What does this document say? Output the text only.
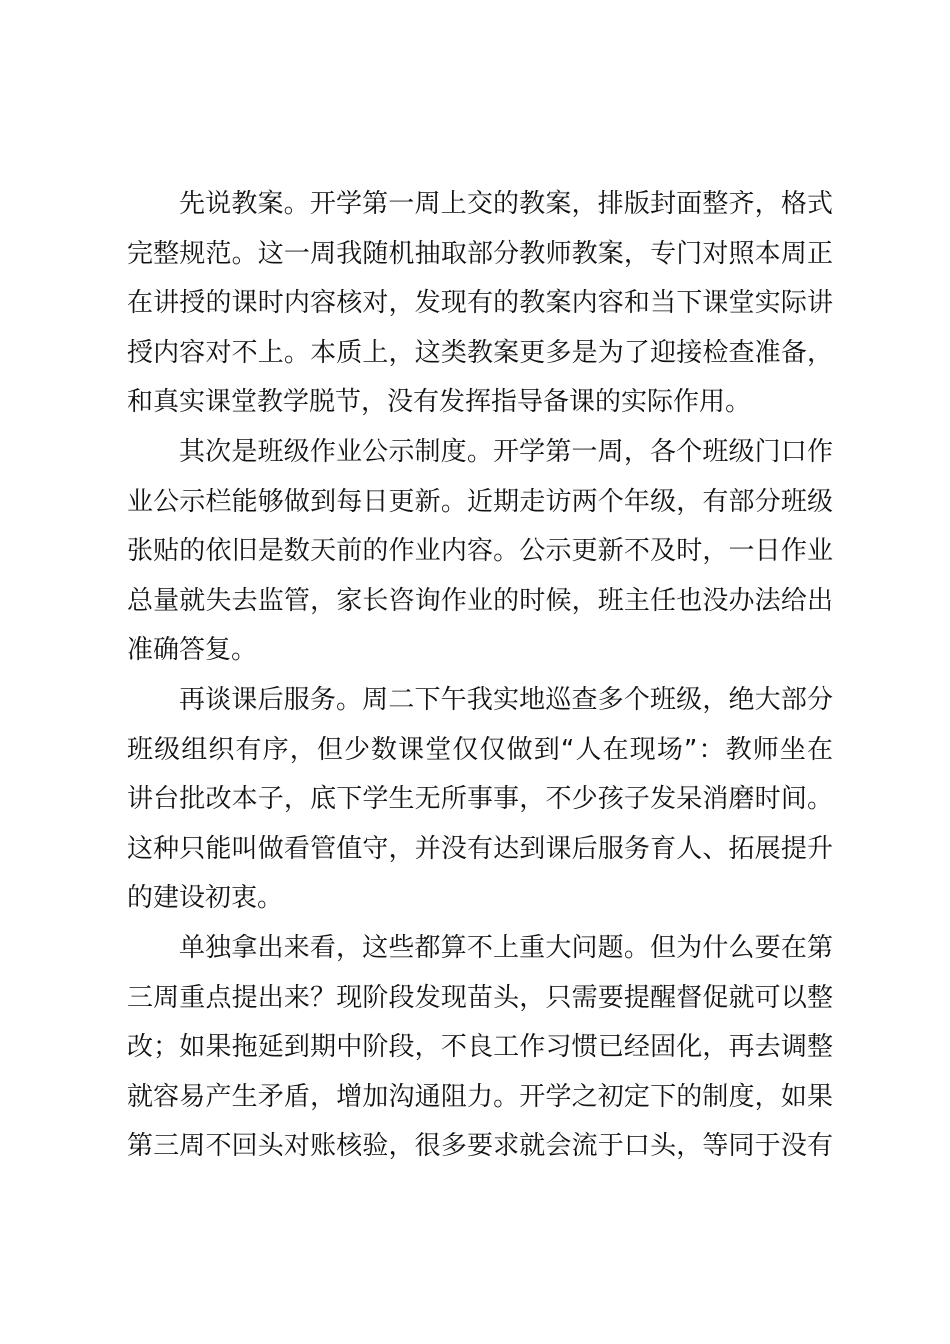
先说教案。开学第一周上交的教案，排版封面整齐，格式
完整规范。这一周我随机抽取部分教师教案，专门对照本周正
在讲授的课时内容核对，发现有的教案内容和当下课堂实际讲
授内容对不上。本质上，这类教案更多是为了迎接检查准备，
和真实课堂教学脱节，没有发挥指导备课的实际作用。
其次是班级作业公示制度。开学第一周，各个班级门口作
业公示栏能够做到每日更新。近期走访两个年级，有部分班级
张贴的依旧是数天前的作业内容。公示更新不及时，一日作业
总量就失去监管，家长咨询作业的时候，班主任也没办法给出
准确答复。
再谈课后服务。周二下午我实地巡查多个班级，绝大部分
班级组织有序，但少数课堂仅仅做到“人在现场”：教师坐在
讲台批改本子，底下学生无所事事，不少孩子发呆消磨时间。
这种只能叫做看管值守，并没有达到课后服务育人、拓展提升
的建设初衷。
单独拿出来看，这些都算不上重大问题。但为什么要在第
三周重点提出来？现阶段发现苗头，只需要提醒督促就可以整
改；如果拖延到期中阶段，不良工作习惯已经固化，再去调整
就容易产生矛盾，增加沟通阻力。开学之初定下的制度，如果
第三周不回头对账核验，很多要求就会流于口头，等同于没有
